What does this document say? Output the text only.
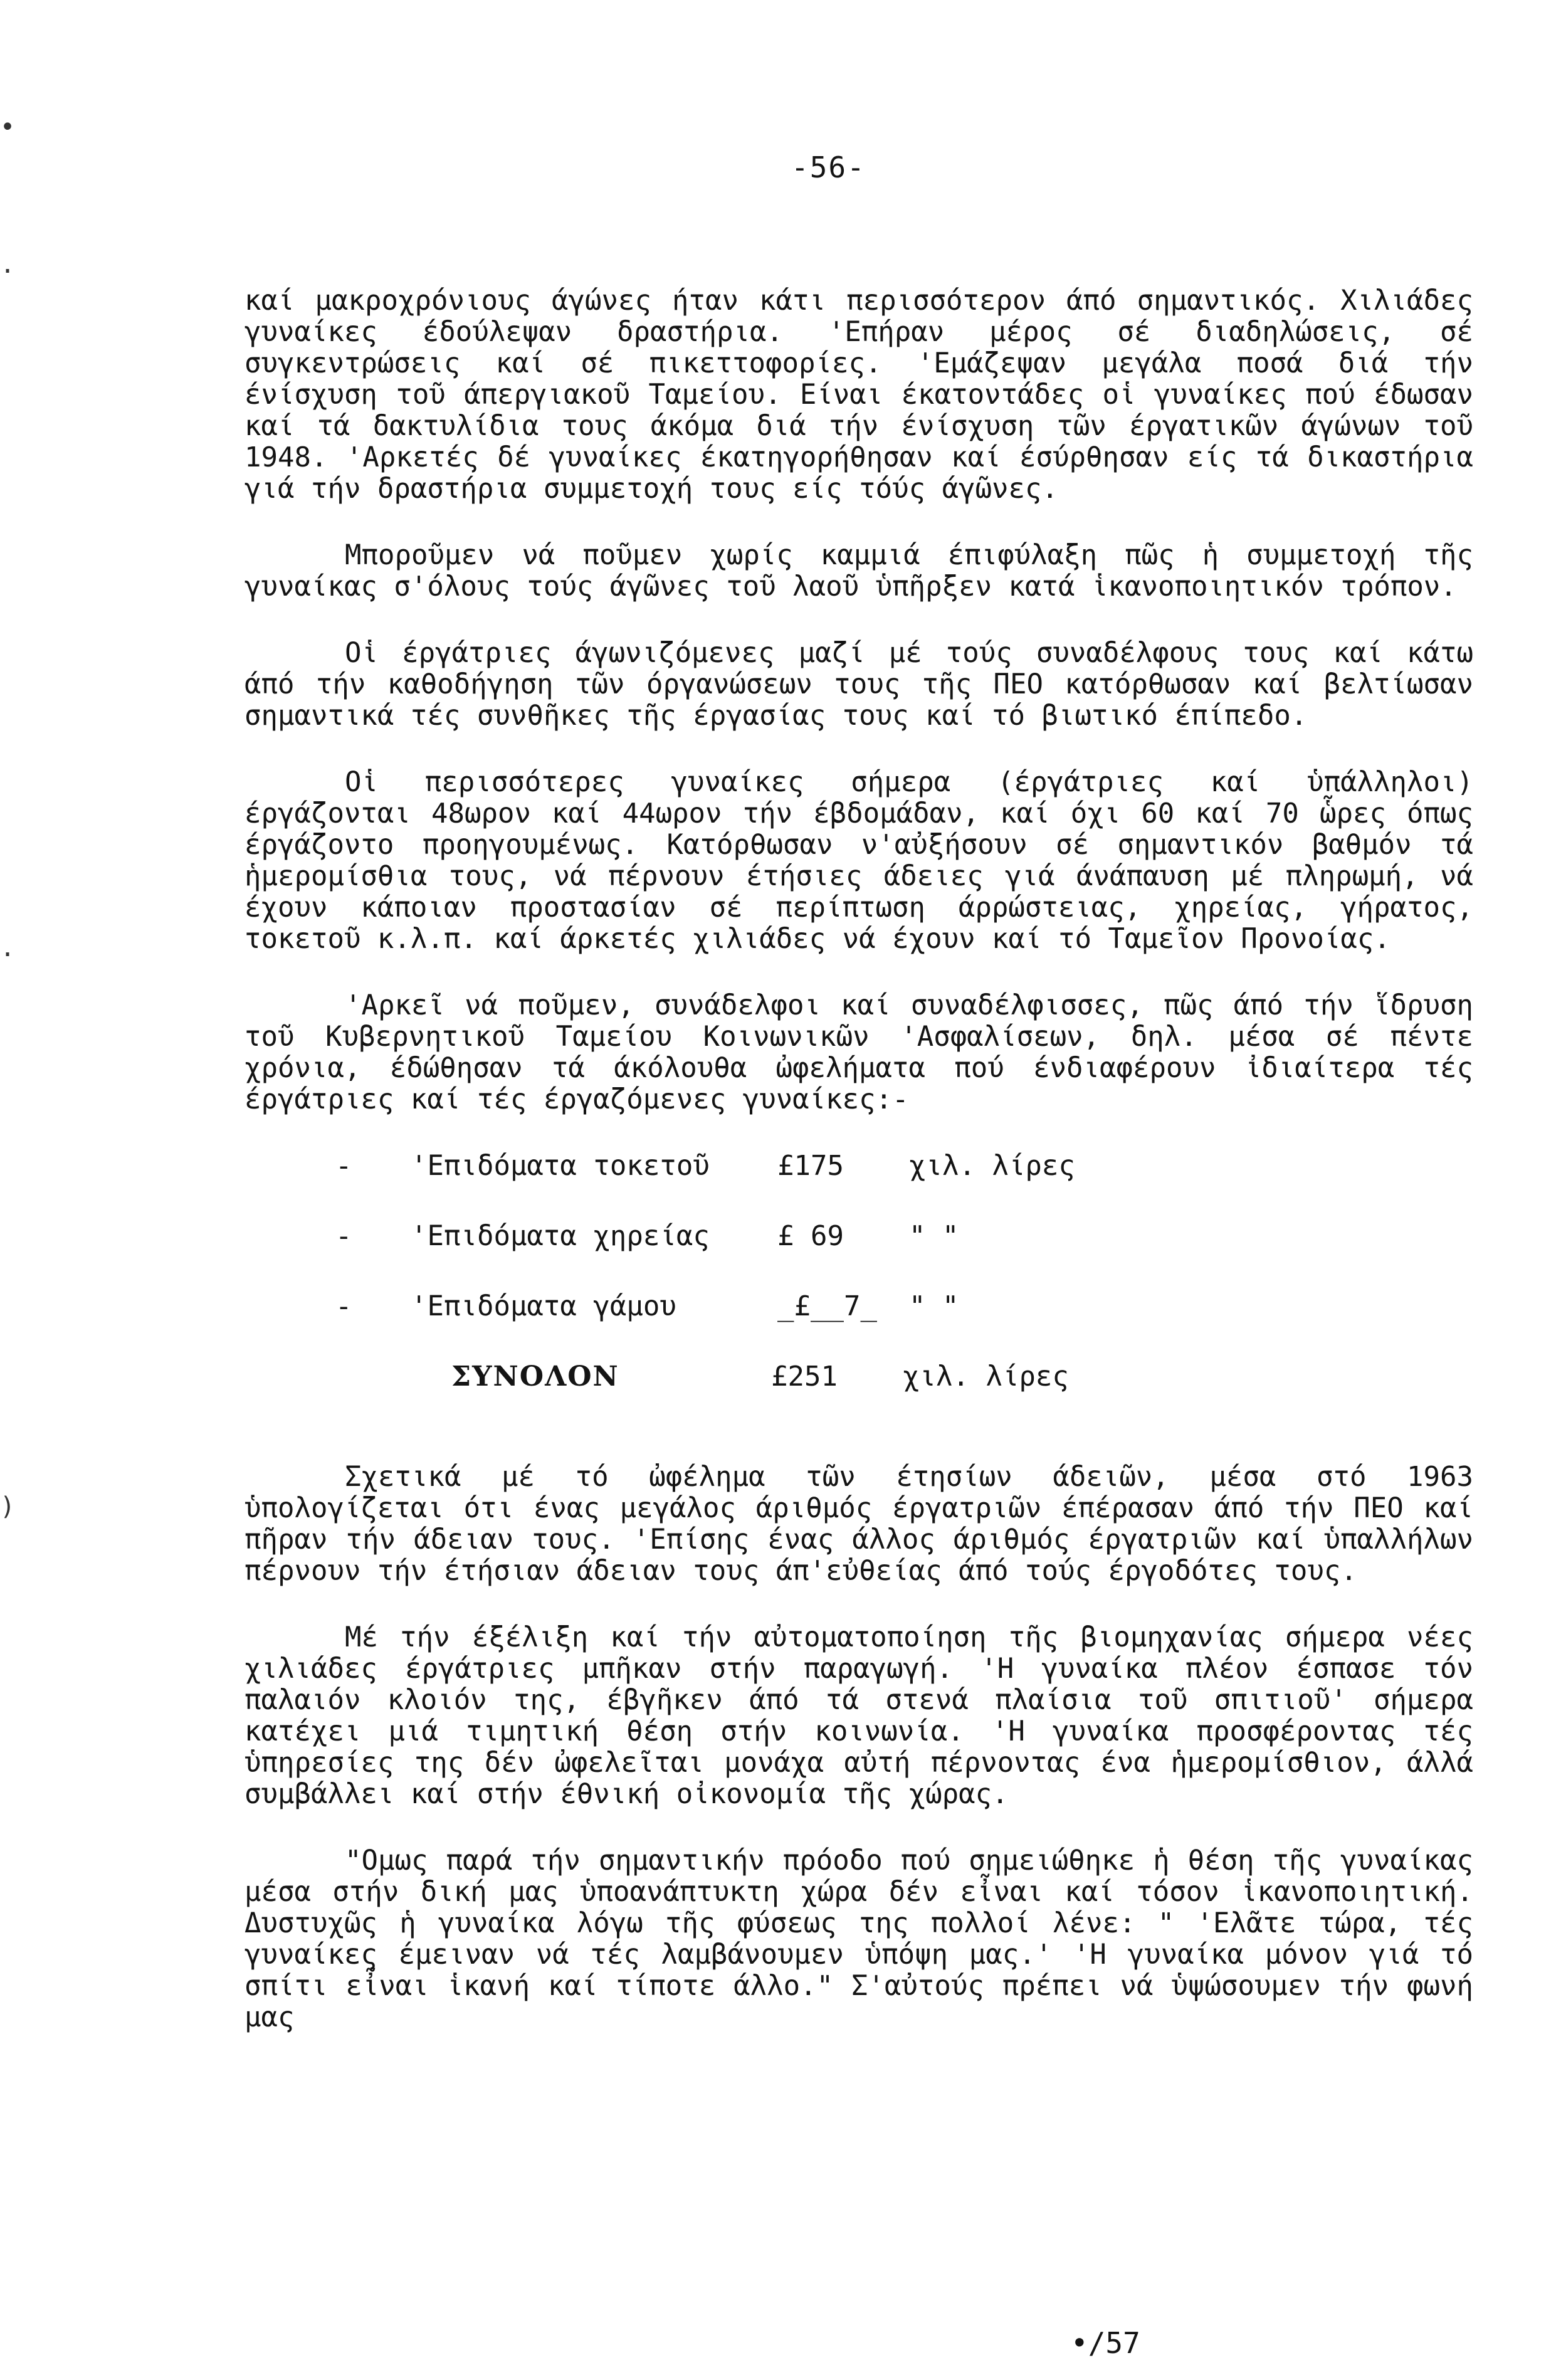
-56-
•
·
·
)

καί μακροχρόνιους άγώνες ήταν κάτι περισσότερον άπό σημαντικός. Χιλιάδες γυναίκες έδούλεψαν δραστήρια. 'Επήραν μέρος σέ διαδηλώσεις, σέ συγκεντρώσεις καί σέ πικεττοφορίες. 'Εμάζεψαν μεγάλα ποσά διά τήν ένίσχυση τοῦ άπεργιακοῦ Ταμείου. Είναι έκατοντάδες οἱ γυναίκες πού έδωσαν καί τά δακτυλίδια τους άκόμα διά τήν ένίσχυση τῶν έργατικῶν άγώνων τοῦ 1948. 'Αρκετές δέ γυναίκες έκατηγορήθησαν καί έσύρθησαν είς τά δικαστήρια γιά τήν δραστήρια συμμετοχή τους είς τόύς άγῶνες.

Μποροῦμεν νά ποῦμεν χωρίς καμμιά έπιφύλαξη πῶς ἡ συμμετοχή τῆς γυναίκας σ'όλους τούς άγῶνες τοῦ λαοῦ ὑπῆρξεν κατά ἱκανοποιητικόν τρόπον.

Οἱ έργάτριες άγωνιζόμενες μαζί μέ τούς συναδέλφους τους καί κάτω άπό τήν καθοδήγηση τῶν όργανώσεων τους τῆς ΠΕΟ κατόρθωσαν καί βελτίωσαν σημαντικά τές συνθῆκες τῆς έργασίας τους καί τό βιωτικό έπίπεδο.

Οἱ περισσότερες γυναίκες σήμερα (έργάτριες καί ὑπάλληλοι) έργάζονται 48ωρον καί 44ωρον τήν έβδομάδαν, καί όχι 60 καί 70 ὧρες όπως έργάζοντο προηγουμένως. Κατόρθωσαν ν'αὐξήσουν σέ σημαντικόν βαθμόν τά ἡμερομίσθια τους, νά πέρνουν έτήσιες άδειες γιά άνάπαυση μέ πληρωμή, νά έχουν κάποιαν προστασίαν σέ περίπτωση άρρώστειας, χηρείας, γήρατος, τοκετοῦ κ.λ.π. καί άρκετές χιλιάδες νά έχουν καί τό Ταμεῖον Προνοίας.

'Αρκεῖ νά ποῦμεν, συνάδελφοι καί συναδέλφισσες, πῶς άπό τήν ἵδρυση τοῦ Κυβερνητικοῦ Ταμείου Κοινωνικῶν 'Ασφαλίσεων, δηλ. μέσα σέ πέντε χρόνια, έδώθησαν τά άκόλουθα ὠφελήματα πού ένδιαφέρουν ἰδιαίτερα τές έργάτριες καί τές έργαζόμενες γυναίκες:-

-	'Επιδόματα τοκετοῦ	£175	χιλ. λίρες
-	'Επιδόματα χηρείας	£ 69	" "
-	'Επιδόματα γάμου	_£__7_	" "
ΣΥΝΟΛΟΝ	£251	χιλ. λίρες

Σχετικά μέ τό ὠφέλημα τῶν έτησίων άδειῶν, μέσα στό 1963 ὑπολογίζεται ότι ένας μεγάλος άριθμός έργατριῶν έπέρασαν άπό τήν ΠΕΟ καί πῆραν τήν άδειαν τους. 'Επίσης ένας άλλος άριθμός έργατριῶν καί ὑπαλλήλων πέρνουν τήν έτήσιαν άδειαν τους άπ'εὐθείας άπό τούς έργοδότες τους.

Μέ τήν έξέλιξη καί τήν αὐτοματοποίηση τῆς βιομηχανίας σήμερα νέες χιλιάδες έργάτριες μπῆκαν στήν παραγωγή. 'Η γυναίκα πλέον έσπασε τόν παλαιόν κλοιόν της, έβγῆκεν άπό τά στενά πλαίσια τοῦ σπιτιοῦ' σήμερα κατέχει μιά τιμητική θέση στήν κοινωνία. 'Η γυναίκα προσφέροντας τές ὑπηρεσίες της δέν ὠφελεῖται μονάχα αὐτή πέρνοντας ένα ἡμερομίσθιον, άλλά συμβάλλει καί στήν έθνική οἰκονομία τῆς χώρας.

"Ομως παρά τήν σημαντικήν πρόοδο πού σημειώθηκε ἡ θέση τῆς γυναίκας μέσα στήν δική μας ὑποανάπτυκτη χώρα δέν εἶναι καί τόσον ἱκανοποιητική. Δυστυχῶς ἡ γυναίκα λόγω τῆς φύσεως της πολλοί λένε: " 'Ελᾶτε τώρα, τές γυναίκες έμειναν νά τές λαμβάνουμεν ὑπόψη μας.' 'Η γυναίκα μόνον γιά τό σπίτι εἶναι ἱκανή καί τίποτε άλλο." Σ'αὐτούς πρέπει νά ὑψώσουμεν τήν φωνή μας

•/57
